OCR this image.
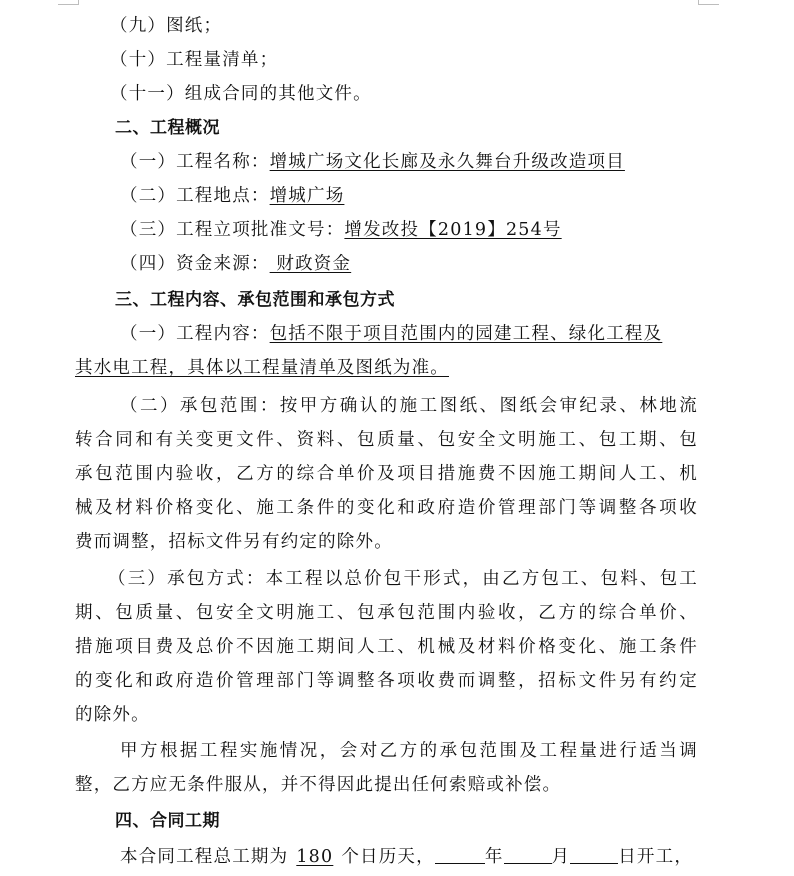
（九）图纸；
（十）工程量清单；
（十一）组成合同的其他文件。
二、工程概况
（一）工程名称：增城广场文化长廊及永久舞台升级改造项目
（二）工程地点：增城广场
（三）工程立项批准文号：增发改投【2019】254号
（四）资金来源： 财政资金
三、工程内容、承包范围和承包方式
（一）工程内容：包括不限于项目范围内的园建工程、绿化工程及
其水电工程，具体以工程量清单及图纸为准。
（二）承包范围：按甲方确认的施工图纸、图纸会审纪录、林地流
转合同和有关变更文件、资料、包质量、包安全文明施工、包工期、包
承包范围内验收，乙方的综合单价及项目措施费不因施工期间人工、机
械及材料价格变化、施工条件的变化和政府造价管理部门等调整各项收
费而调整，招标文件另有约定的除外。
（三）承包方式：本工程以总价包干形式，由乙方包工、包料、包工
期、包质量、包安全文明施工、包承包范围内验收，乙方的综合单价、
措施项目费及总价不因施工期间人工、机械及材料价格变化、施工条件
的变化和政府造价管理部门等调整各项收费而调整，招标文件另有约定
的除外。
甲方根据工程实施情况，会对乙方的承包范围及工程量进行适当调
整，乙方应无条件服从，并不得因此提出任何索赔或补偿。
四、合同工期
本合同工程总工期为 180 个日历天，	年	月	日开工，
